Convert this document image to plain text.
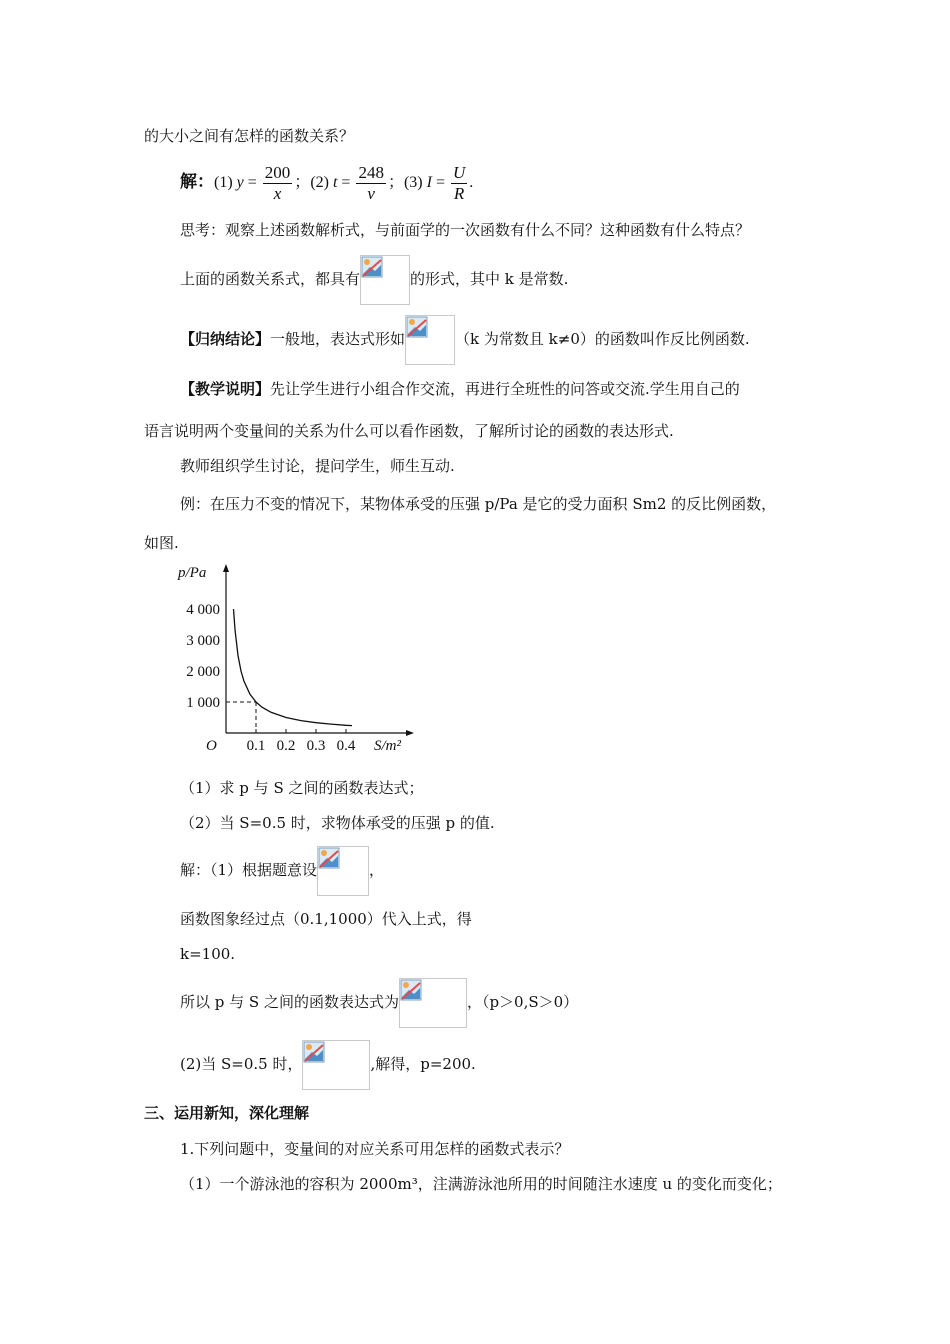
的大小之间有怎样的函数关系？
解：(1) $y = \frac{200}{x}$ ；(2) $t = \frac{248}{v}$ ；(3) $I = \frac{U}{R}$ .
思考：观察上述函数解析式，与前面学的一次函数有什么不同？这种函数有什么特点？
上面的函数关系式，都具有	的形式，其中 k 是常数.
【归纳结论】一般地，表达式形如	（k 为常数且 k≠0）的函数叫作反比例函数.
【教学说明】先让学生进行小组合作交流，再进行全班性的问答或交流.学生用自己的
语言说明两个变量间的关系为什么可以看作函数，了解所讨论的函数的表达形式.
教师组织学生讨论，提问学生，师生互动.
例：在压力不变的情况下，某物体承受的压强 p/Pa 是它的受力面积 Sm2 的反比例函数，
如图.
p/Pa
S/m²
O
1 000
2 000
3 000
4 000
0.1 0.2 0.3 0.4
（1）求 p 与 S 之间的函数表达式；
（2）当 S=0.5 时，求物体承受的压强 p 的值.
解：（1）根据题意设	，
函数图象经过点（0.1,1000）代入上式，得
k=100.
所以 p 与 S 之间的函数表达式为	，（p＞0,S＞0）
(2)当 S=0.5 时，	,解得，p=200.
三、运用新知，深化理解
1.下列问题中，变量间的对应关系可用怎样的函数式表示？
（1）一个游泳池的容积为 2000m³，注满游泳池所用的时间随注水速度 u 的变化而变化；
